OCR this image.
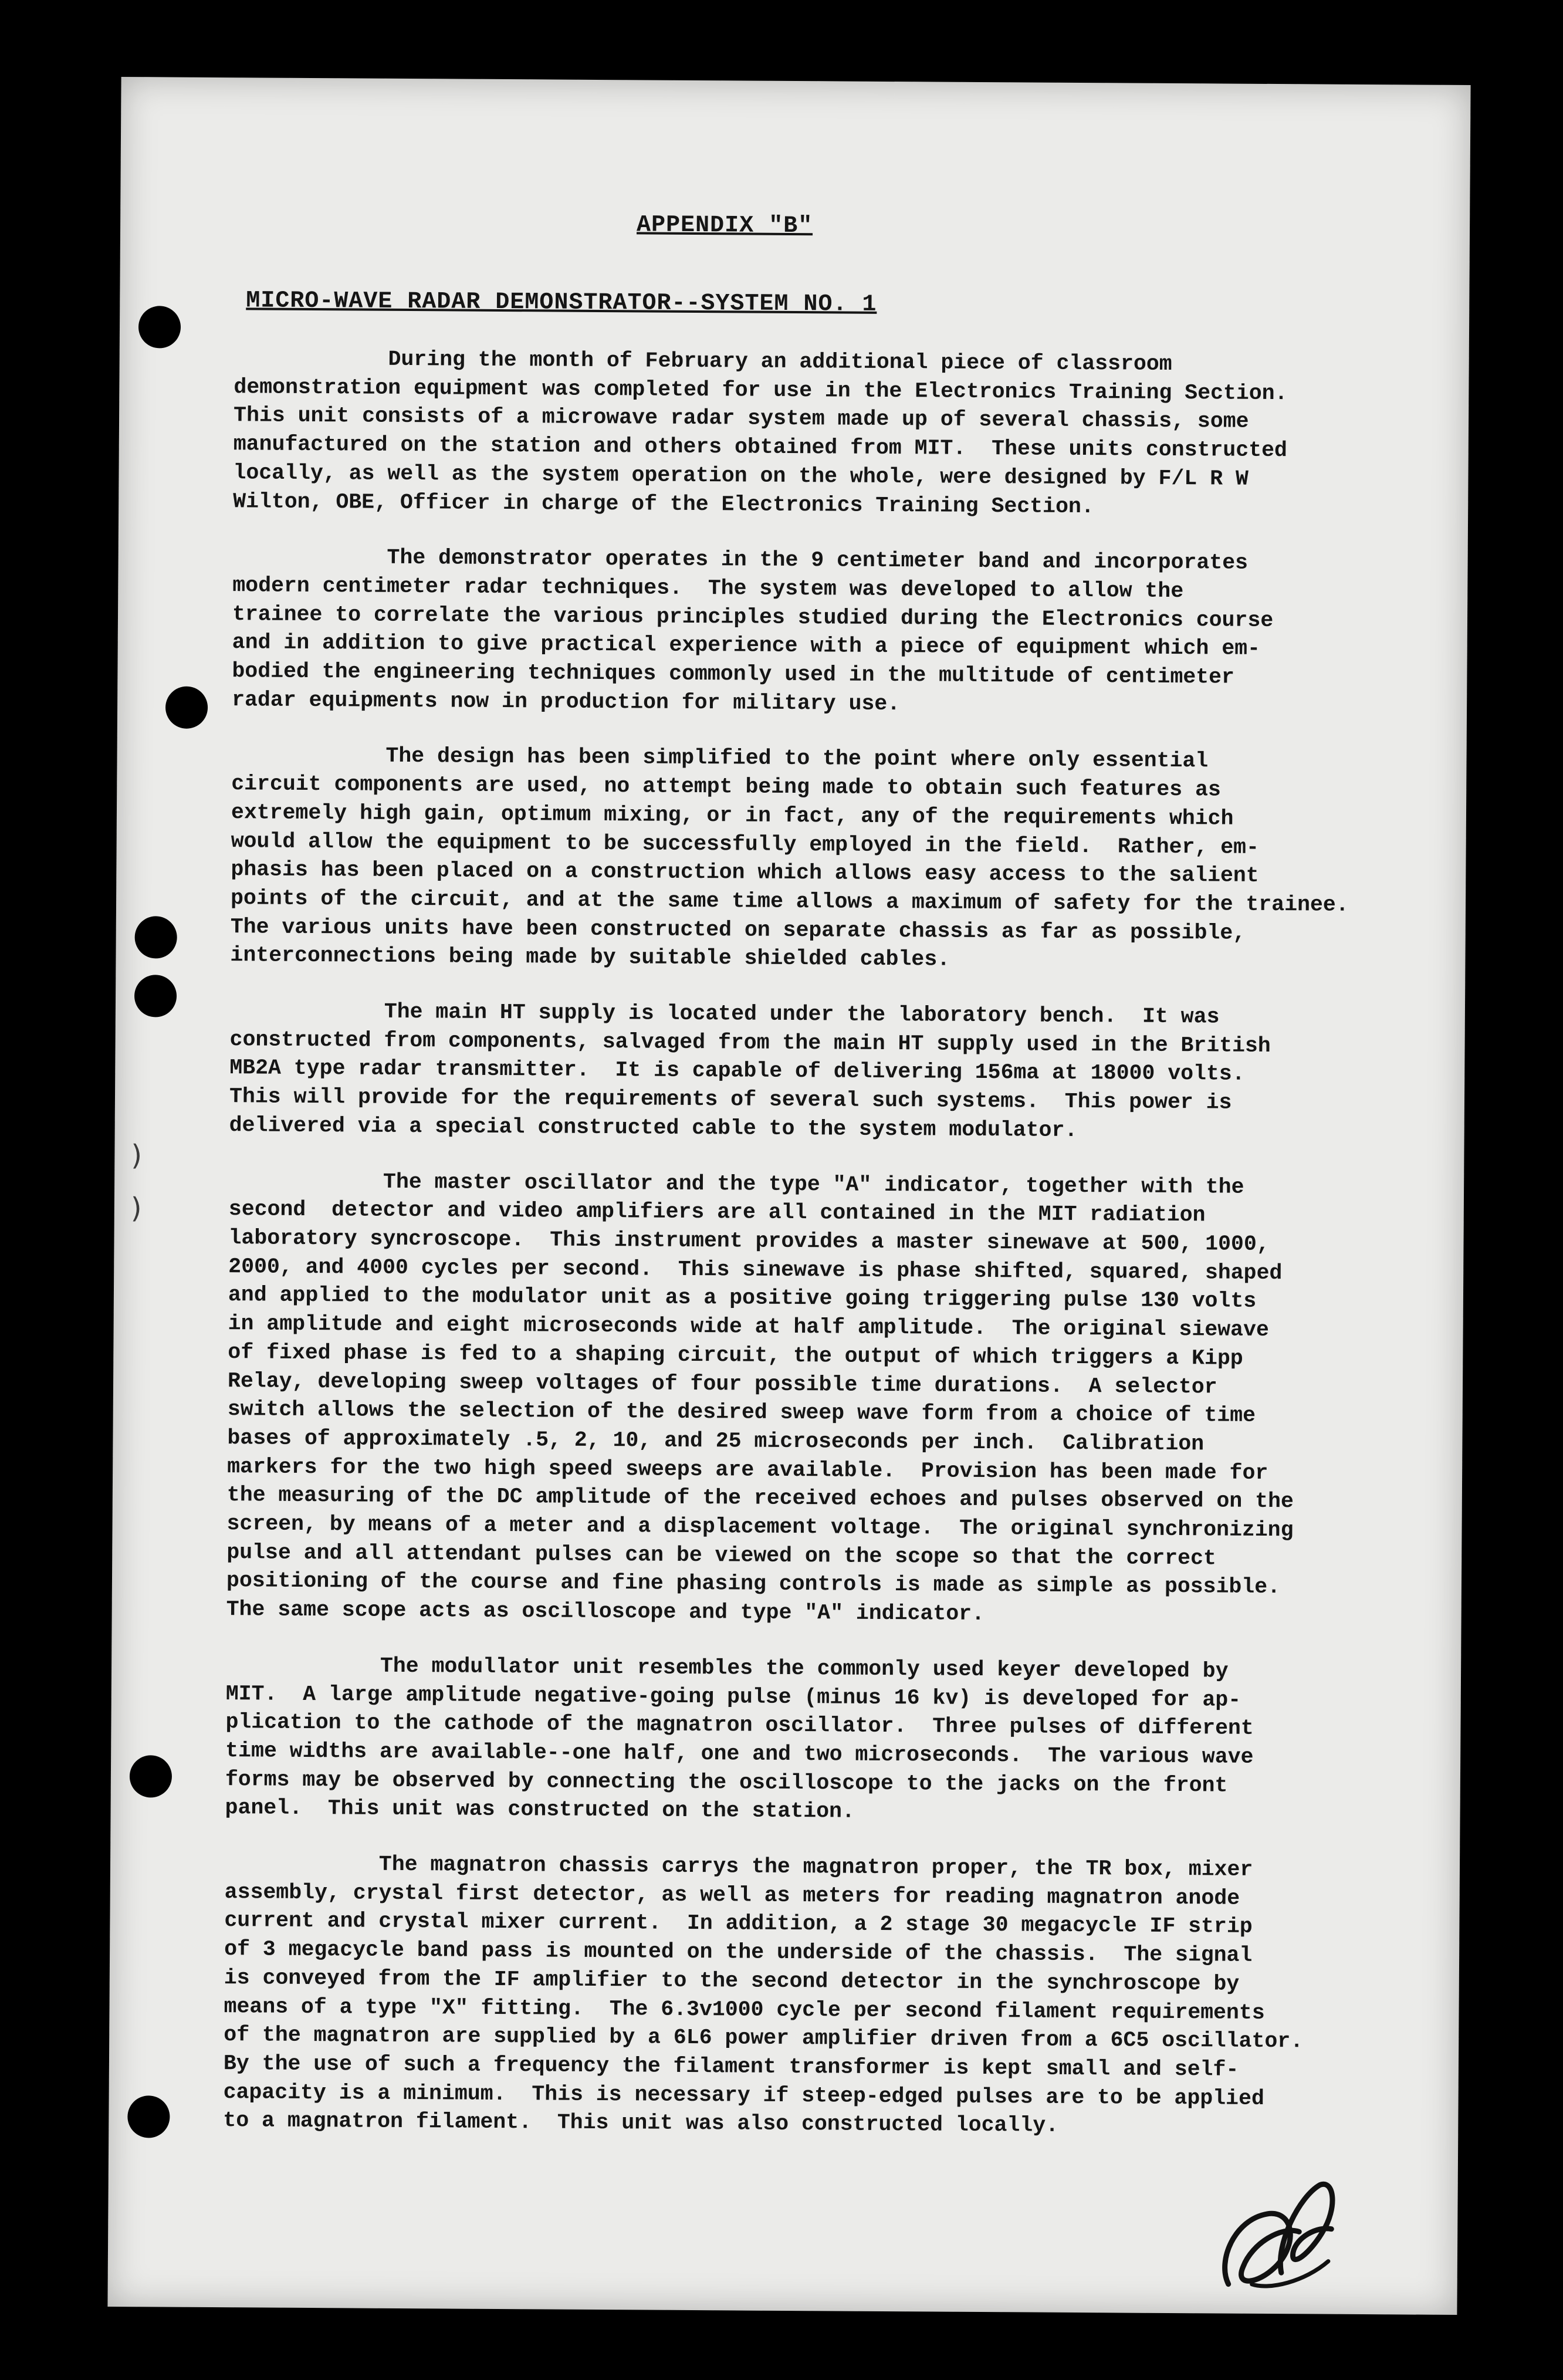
APPENDIX "B"
MICRO-WAVE RADAR DEMONSTRATOR--SYSTEM NO. 1
During the month of February an additional piece of classroom
demonstration equipment was completed for use in the Electronics Training Section.
This unit consists of a microwave radar system made up of several chassis, some
manufactured on the station and others obtained from MIT.  These units constructed
locally, as well as the system operation on the whole, were designed by F/L R W
Wilton, OBE, Officer in charge of the Electronics Training Section.
The demonstrator operates in the 9 centimeter band and incorporates
modern centimeter radar techniques.  The system was developed to allow the
trainee to correlate the various principles studied during the Electronics course
and in addition to give practical experience with a piece of equipment which em-
bodied the engineering techniques commonly used in the multitude of centimeter
radar equipments now in production for military use.
The design has been simplified to the point where only essential
circuit components are used, no attempt being made to obtain such features as
extremely high gain, optimum mixing, or in fact, any of the requirements which
would allow the equipment to be successfully employed in the field.  Rather, em-
phasis has been placed on a construction which allows easy access to the salient
points of the circuit, and at the same time allows a maximum of safety for the trainee.
The various units have been constructed on separate chassis as far as possible,
interconnections being made by suitable shielded cables.
The main HT supply is located under the laboratory bench.  It was
constructed from components, salvaged from the main HT supply used in the British
MB2A type radar transmitter.  It is capable of delivering 156ma at 18000 volts.
This will provide for the requirements of several such systems.  This power is
delivered via a special constructed cable to the system modulator.
The master oscillator and the type "A" indicator, together with the
second  detector and video amplifiers are all contained in the MIT radiation
laboratory syncroscope.  This instrument provides a master sinewave at 500, 1000,
2000, and 4000 cycles per second.  This sinewave is phase shifted, squared, shaped
and applied to the modulator unit as a positive going triggering pulse 130 volts
in amplitude and eight microseconds wide at half amplitude.  The original siewave
of fixed phase is fed to a shaping circuit, the output of which triggers a Kipp
Relay, developing sweep voltages of four possible time durations.  A selector
switch allows the selection of the desired sweep wave form from a choice of time
bases of approximately .5, 2, 10, and 25 microseconds per inch.  Calibration
markers for the two high speed sweeps are available.  Provision has been made for
the measuring of the DC amplitude of the received echoes and pulses observed on the
screen, by means of a meter and a displacement voltage.  The original synchronizing
pulse and all attendant pulses can be viewed on the scope so that the correct
positioning of the course and fine phasing controls is made as simple as possible.
The same scope acts as oscilloscope and type "A" indicator.
The modullator unit resembles the commonly used keyer developed by
MIT.  A large amplitude negative-going pulse (minus 16 kv) is developed for ap-
plication to the cathode of the magnatron oscillator.  Three pulses of different
time widths are available--one half, one and two microseconds.  The various wave
forms may be observed by connecting the oscilloscope to the jacks on the front
panel.  This unit was constructed on the station.
The magnatron chassis carrys the magnatron proper, the TR box, mixer
assembly, crystal first detector, as well as meters for reading magnatron anode
current and crystal mixer current.  In addition, a 2 stage 30 megacycle IF strip
of 3 megacycle band pass is mounted on the underside of the chassis.  The signal
is conveyed from the IF amplifier to the second detector in the synchroscope by
means of a type "X" fitting.  The 6.3v1000 cycle per second filament requirements
of the magnatron are supplied by a 6L6 power amplifier driven from a 6C5 oscillator.
By the use of such a frequency the filament transformer is kept small and self-
capacity is a minimum.  This is necessary if steep-edged pulses are to be applied
to a magnatron filament.  This unit was also constructed locally.
)
)
